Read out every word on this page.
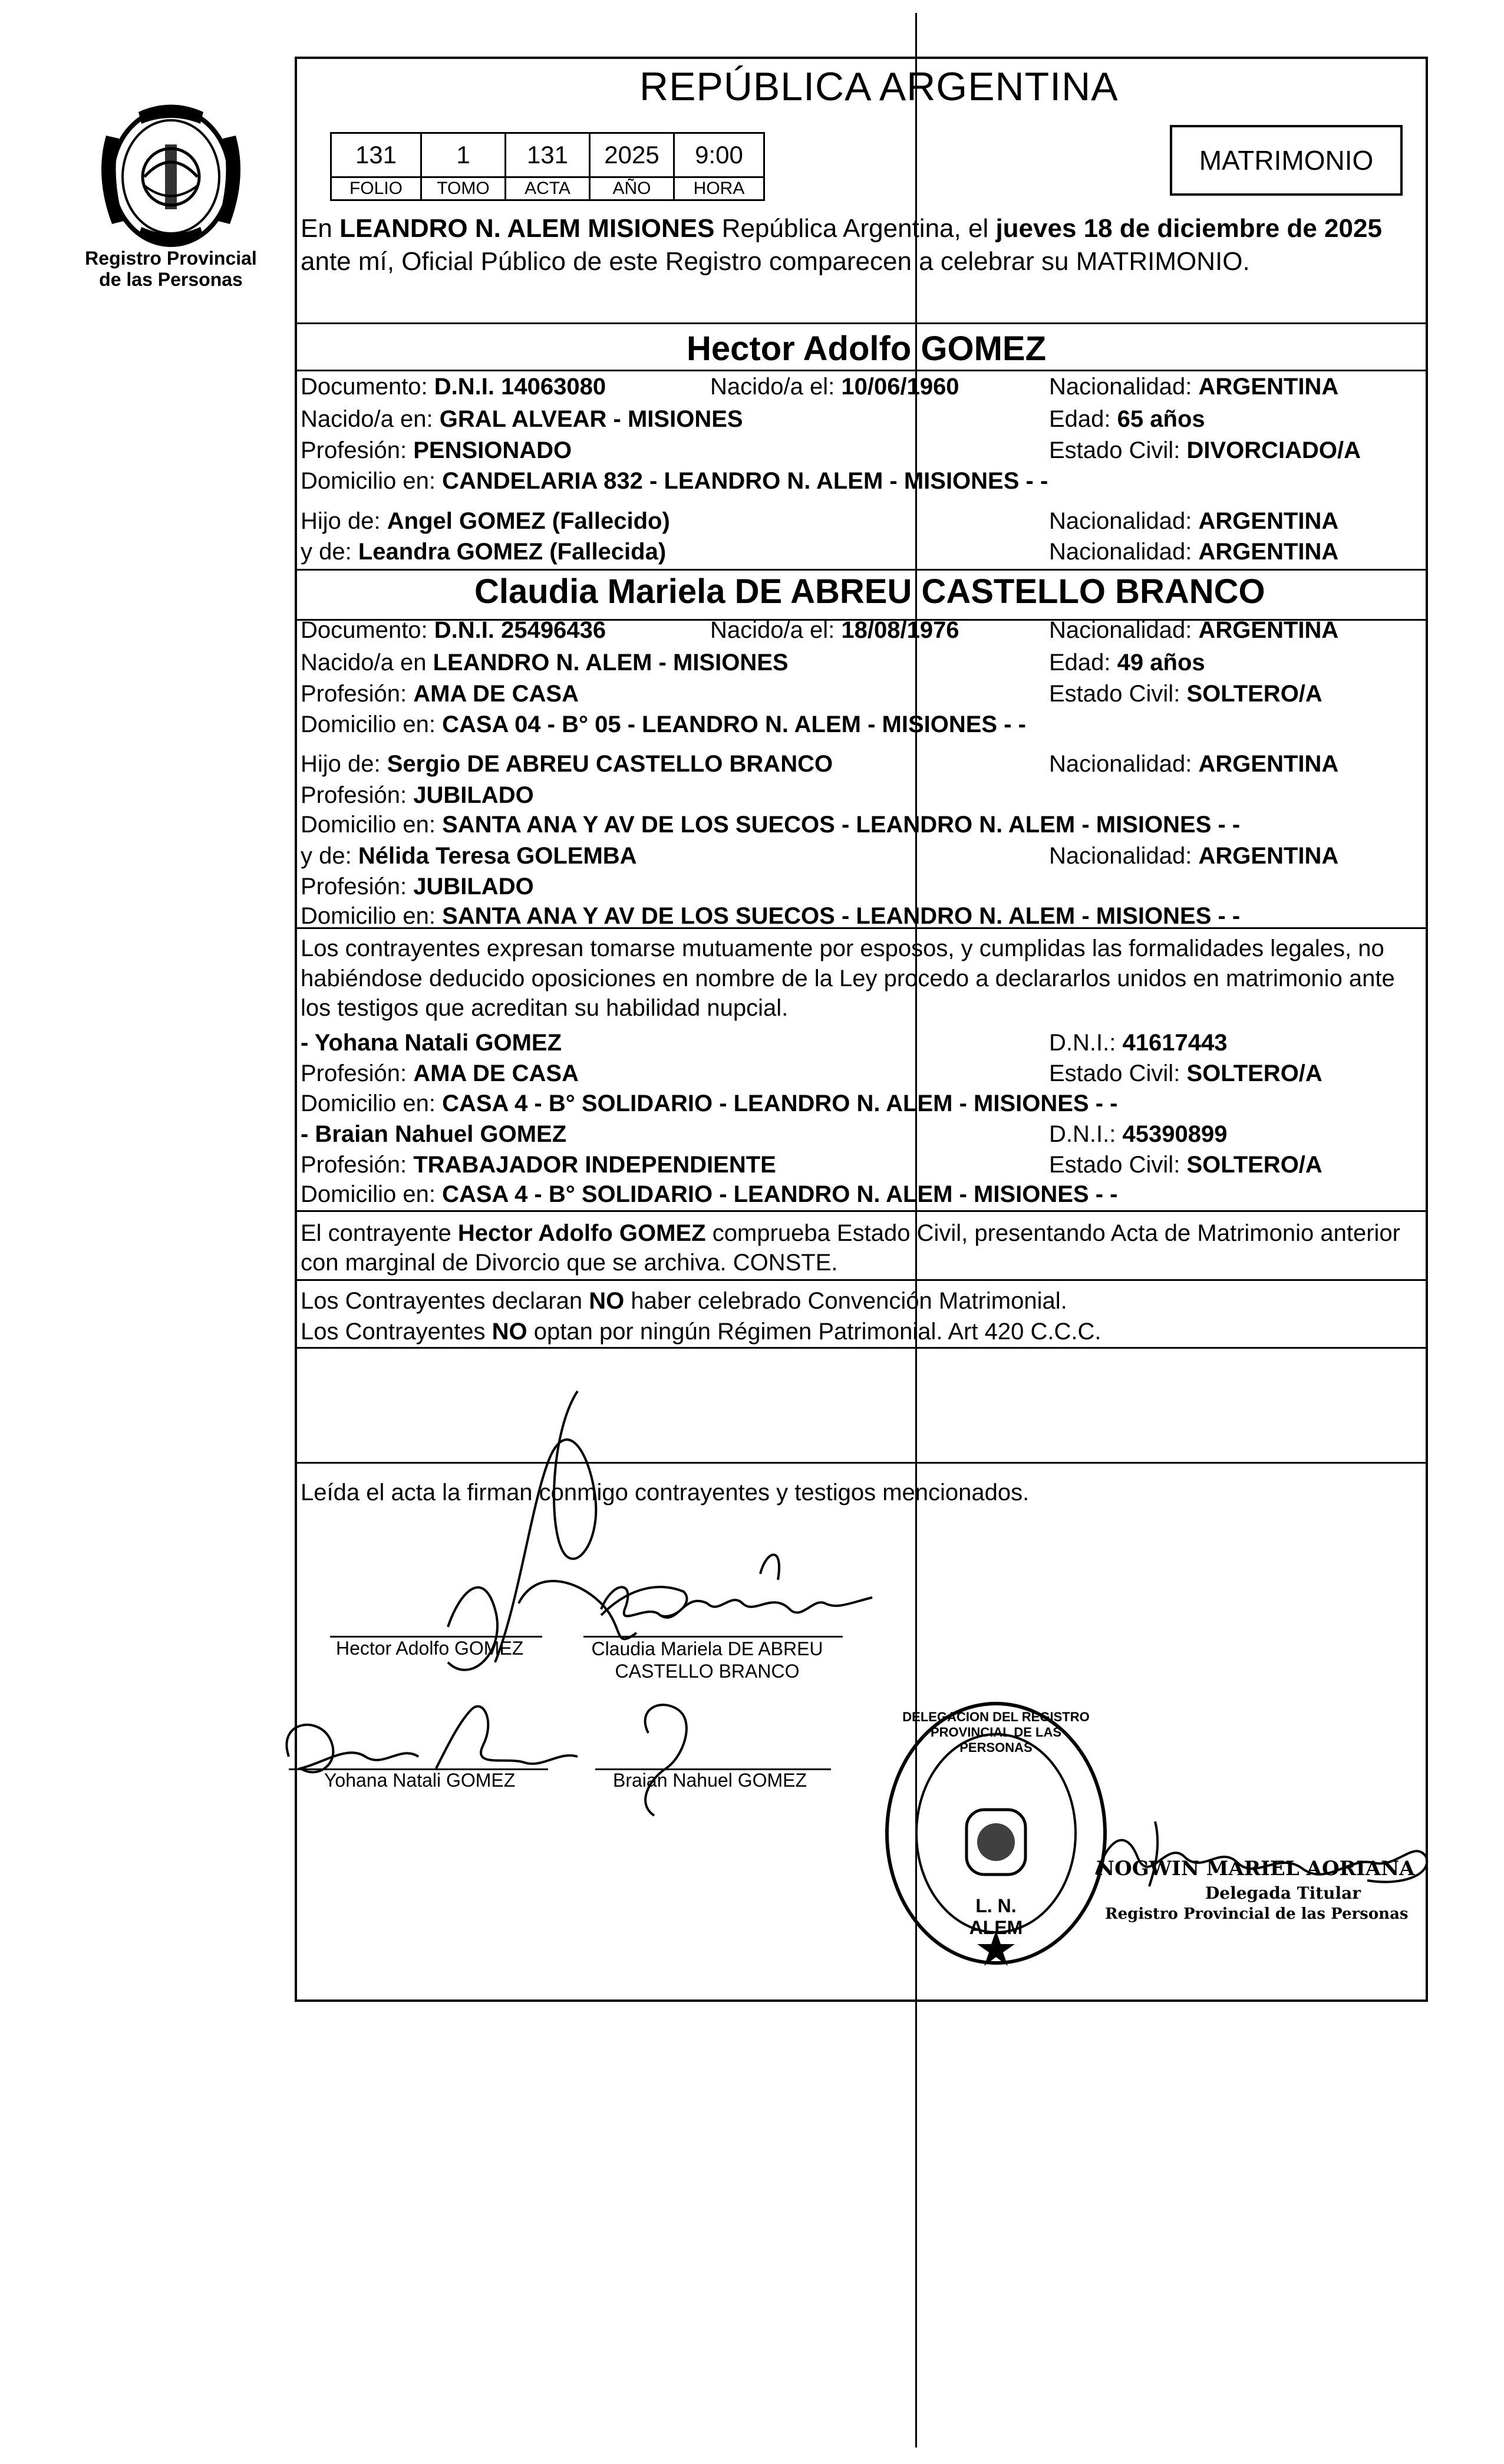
Registro Provincial
de las Personas
REPÚBLICA ARGENTINA
131	1	131	2025	9:00
FOLIO	TOMO	ACTA	AÑO	HORA
MATRIMONIO
En LEANDRO N. ALEM MISIONES República Argentina, el jueves 18 de diciembre de 2025
ante mí, Oficial Público de este Registro comparecen a celebrar su MATRIMONIO.
Hector Adolfo GOMEZ
Documento: D.N.I. 14063080	Nacido/a el: 10/06/1960	Nacionalidad: ARGENTINA
Nacido/a en: GRAL ALVEAR - MISIONES	Edad: 65 años
Profesión: PENSIONADO	Estado Civil: DIVORCIADO/A
Domicilio en: CANDELARIA 832 - LEANDRO N. ALEM - MISIONES - -
Hijo de: Angel GOMEZ (Fallecido)	Nacionalidad: ARGENTINA
y de: Leandra GOMEZ (Fallecida)	Nacionalidad: ARGENTINA
Claudia Mariela DE ABREU CASTELLO BRANCO
Documento: D.N.I. 25496436	Nacido/a el: 18/08/1976	Nacionalidad: ARGENTINA
Nacido/a en LEANDRO N. ALEM - MISIONES	Edad: 49 años
Profesión: AMA DE CASA	Estado Civil: SOLTERO/A
Domicilio en: CASA 04 - B° 05 - LEANDRO N. ALEM - MISIONES - -
Hijo de: Sergio DE ABREU CASTELLO BRANCO	Nacionalidad: ARGENTINA
Profesión: JUBILADO
Domicilio en: SANTA ANA Y AV DE LOS SUECOS - LEANDRO N. ALEM - MISIONES - -
y de: Nélida Teresa GOLEMBA	Nacionalidad: ARGENTINA
Profesión: JUBILADO
Domicilio en: SANTA ANA Y AV DE LOS SUECOS - LEANDRO N. ALEM - MISIONES - -
Los contrayentes expresan tomarse mutuamente por esposos, y cumplidas las formalidades legales, no
habiéndose deducido oposiciones en nombre de la Ley procedo a declararlos unidos en matrimonio ante
los testigos que acreditan su habilidad nupcial.
- Yohana Natali GOMEZ	D.N.I.: 41617443
Profesión: AMA DE CASA	Estado Civil: SOLTERO/A
Domicilio en: CASA 4 - B° SOLIDARIO - LEANDRO N. ALEM - MISIONES - -
- Braian Nahuel GOMEZ	D.N.I.: 45390899
Profesión: TRABAJADOR INDEPENDIENTE	Estado Civil: SOLTERO/A
Domicilio en: CASA 4 - B° SOLIDARIO - LEANDRO N. ALEM - MISIONES - -
El contrayente Hector Adolfo GOMEZ comprueba Estado Civil, presentando Acta de Matrimonio anterior
con marginal de Divorcio que se archiva. CONSTE.
Los Contrayentes declaran NO haber celebrado Convención Matrimonial.
Los Contrayentes NO optan por ningún Régimen Patrimonial. Art 420 C.C.C.
Leída el acta la firman conmigo contrayentes y testigos mencionados.
Hector Adolfo GOMEZ	Claudia Mariela DE ABREU
CASTELLO BRANCO
Yohana Natali GOMEZ	Braian Nahuel GOMEZ
DELEGACION DEL REGISTRO PROVINCIAL DE LAS PERSONAS
L. N. ALEM
NOGWIN MARIEL AORIANA
Delegada Titular
Registro Provincial de las Personas
